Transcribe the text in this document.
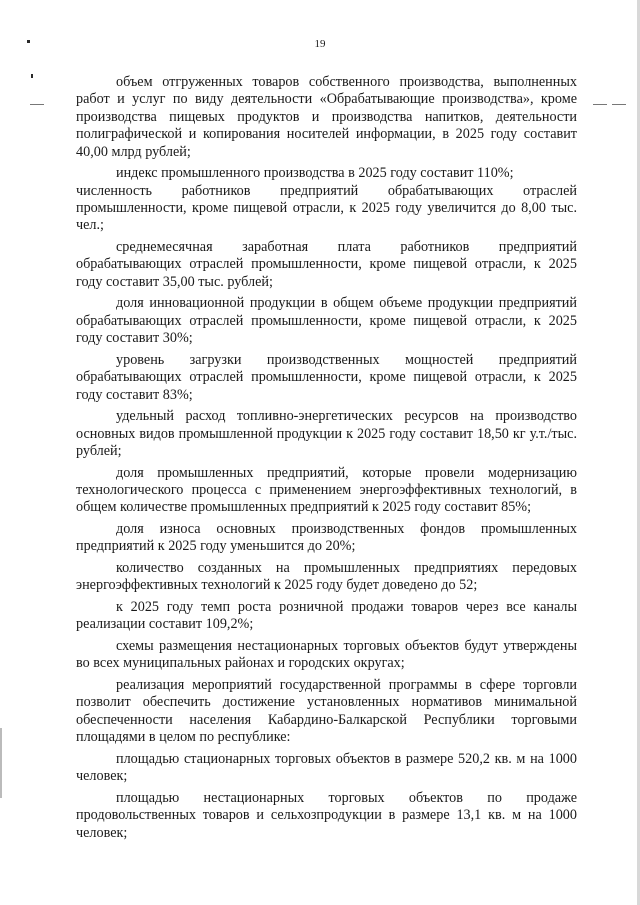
19

объем отгруженных товаров собственного производства, выполненных работ и услуг по виду деятельности «Обрабатывающие производства», кроме производства пищевых продуктов и производства напитков, деятельности полиграфической и копирования носителей информации, в 2025 году составит 40,00 млрд рублей;

индекс промышленного производства в 2025 году составит 110%;

численность работников предприятий обрабатывающих отраслей промышленности, кроме пищевой отрасли, к 2025 году увеличится до 8,00 тыс. чел.;

среднемесячная заработная плата работников предприятий обрабатывающих отраслей промышленности, кроме пищевой отрасли, к 2025 году составит 35,00 тыс. рублей;

доля инновационной продукции в общем объеме продукции предприятий обрабатывающих отраслей промышленности, кроме пищевой отрасли, к 2025 году составит 30%;

уровень загрузки производственных мощностей предприятий обрабатывающих отраслей промышленности, кроме пищевой отрасли, к 2025 году составит 83%;

удельный расход топливно-энергетических ресурсов на производство основных видов промышленной продукции к 2025 году составит 18,50 кг у.т./тыс. рублей;

доля промышленных предприятий, которые провели модернизацию технологического процесса с применением энергоэффективных технологий, в общем количестве промышленных предприятий к 2025 году составит 85%;

доля износа основных производственных фондов промышленных предприятий к 2025 году уменьшится до 20%;

количество созданных на промышленных предприятиях передовых энергоэффективных технологий к 2025 году будет доведено до 52;

к 2025 году темп роста розничной продажи товаров через все каналы реализации составит 109,2%;

схемы размещения нестационарных торговых объектов будут утверждены во всех муниципальных районах и городских округах;

реализация мероприятий государственной программы в сфере торговли позволит обеспечить достижение установленных нормативов минимальной обеспеченности населения Кабардино-Балкарской Республики торговыми площадями в целом по республике:

площадью стационарных торговых объектов в размере 520,2 кв. м на 1000 человек;

площадью нестационарных торговых объектов по продаже продовольственных товаров и сельхозпродукции в размере 13,1 кв. м на 1000 человек;
